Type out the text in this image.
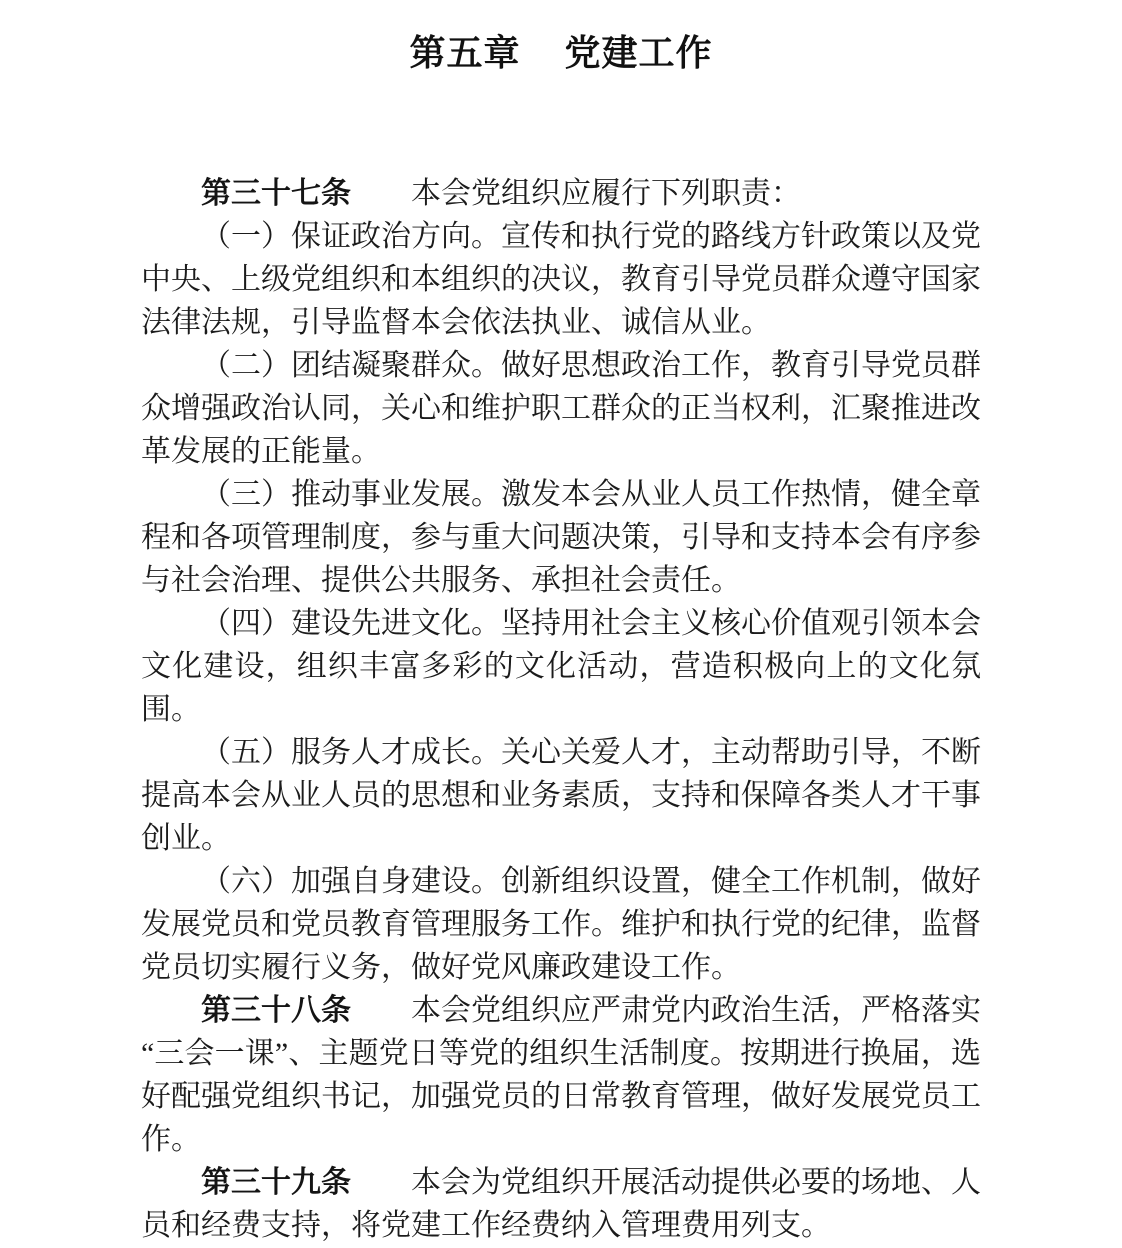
第五章 党建工作

第三十七条　　本会党组织应履行下列职责：

（一）保证政治方向。宣传和执行党的路线方针政策以及党中央、上级党组织和本组织的决议，教育引导党员群众遵守国家法律法规，引导监督本会依法执业、诚信从业。

（二）团结凝聚群众。做好思想政治工作，教育引导党员群众增强政治认同，关心和维护职工群众的正当权利，汇聚推进改革发展的正能量。

（三）推动事业发展。激发本会从业人员工作热情，健全章程和各项管理制度，参与重大问题决策，引导和支持本会有序参与社会治理、提供公共服务、承担社会责任。

（四）建设先进文化。坚持用社会主义核心价值观引领本会文化建设，组织丰富多彩的文化活动，营造积极向上的文化氛围。

（五）服务人才成长。关心关爱人才，主动帮助引导，不断提高本会从业人员的思想和业务素质，支持和保障各类人才干事创业。

（六）加强自身建设。创新组织设置，健全工作机制，做好发展党员和党员教育管理服务工作。维护和执行党的纪律，监督党员切实履行义务，做好党风廉政建设工作。

第三十八条　　本会党组织应严肃党内政治生活，严格落实“三会一课”、主题党日等党的组织生活制度。按期进行换届，选好配强党组织书记，加强党员的日常教育管理，做好发展党员工作。

第三十九条　　本会为党组织开展活动提供必要的场地、人员和经费支持，将党建工作经费纳入管理费用列支。
